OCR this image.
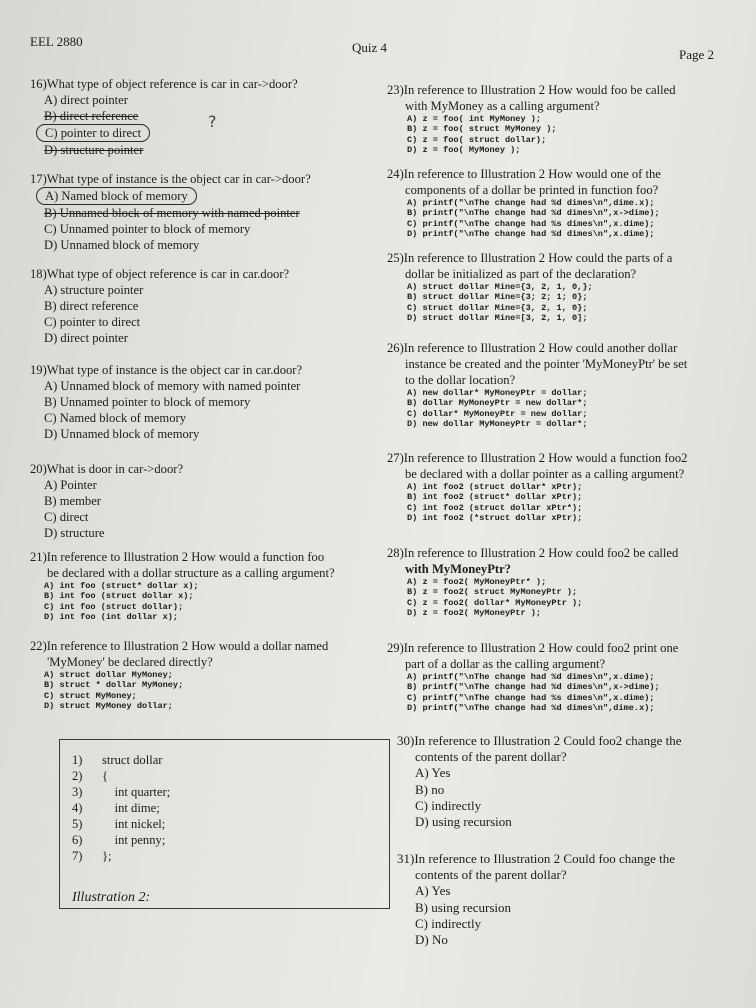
EEL 2880	Quiz 4	Page 2
16)What type of object reference is car in car->door?
A) direct pointer
B) direct reference
C) pointer to direct
D) structure pointer
?
17)What type of instance is the object car in car->door?
A) Named block of memory
B) Unnamed block of memory with named pointer
C) Unnamed pointer to block of memory
D) Unnamed block of memory
18)What type of object reference is car in car.door?
A) structure pointer
B) direct reference
C) pointer to direct
D) direct pointer
19)What type of instance is the object car in car.door?
A) Unnamed block of memory with named pointer
B) Unnamed pointer to block of memory
C) Named block of memory
D) Unnamed block of memory
20)What is door in car->door?
A) Pointer
B) member
C) direct
D) structure
21)In reference to Illustration 2 How would a function foo
be declared with a dollar structure as a calling argument?
A) int foo (struct* dollar x);
B) int foo (struct dollar x);
C) int foo (struct dollar);
D) int foo (int dollar x);
22)In reference to Illustration 2 How would a dollar named
'MyMoney' be declared directly?
A) struct dollar MyMoney;
B) struct * dollar MyMoney;
C) struct MyMoney;
D) struct MyMoney dollar;
1) struct dollar
2) {
3)    int quarter;
4)    int dime;
5)    int nickel;
6)    int penny;
7) };
Illustration 2:
23)In reference to Illustration 2 How would foo be called
with MyMoney as a calling argument?
A) z = foo( int MyMoney );
B) z = foo( struct MyMoney );
C) z = foo( struct dollar);
D) z = foo( MyMoney );
24)In reference to Illustration 2 How would one of the
components of a dollar be printed in function foo?
A) printf("\nThe change had %d dimes\n",dime.x);
B) printf("\nThe change had %d dimes\n",x->dime);
C) printf("\nThe change had %s dimes\n",x.dime);
D) printf("\nThe change had %d dimes\n",x.dime);
25)In reference to Illustration 2 How could the parts of a
dollar be initialized as part of the declaration?
A) struct dollar Mine={3, 2, 1, 0,};
B) struct dollar Mine={3; 2; 1; 0};
C) struct dollar Mine={3, 2, 1, 0};
D) struct dollar Mine=[3, 2, 1, 0];
26)In reference to Illustration 2 How could another dollar
instance be created and the pointer 'MyMoneyPtr' be set
to the dollar location?
A) new dollar* MyMoneyPtr = dollar;
B) dollar MyMoneyPtr = new dollar*;
C) dollar* MyMoneyPtr = new dollar;
D) new dollar MyMoneyPtr = dollar*;
27)In reference to Illustration 2 How would a function foo2
be declared with a dollar pointer as a calling argument?
A) int foo2 (struct dollar* xPtr);
B) int foo2 (struct* dollar xPtr);
C) int foo2 (struct dollar xPtr*);
D) int foo2 (*struct dollar xPtr);
28)In reference to Illustration 2 How could foo2 be called
with MyMoneyPtr?
A) z = foo2( MyMoneyPtr* );
B) z = foo2( struct MyMoneyPtr );
C) z = foo2( dollar* MyMoneyPtr );
D) z = foo2( MyMoneyPtr );
29)In reference to Illustration 2 How could foo2 print one
part of a dollar as the calling argument?
A) printf("\nThe change had %d dimes\n",x.dime);
B) printf("\nThe change had %d dimes\n",x->dime);
C) printf("\nThe change had %s dimes\n",x.dime);
D) printf("\nThe change had %d dimes\n",dime.x);
30)In reference to Illustration 2 Could foo2 change the
contents of the parent dollar?
A) Yes
B) no
C) indirectly
D) using recursion
31)In reference to Illustration 2 Could foo change the
contents of the parent dollar?
A) Yes
B) using recursion
C) indirectly
D) No
